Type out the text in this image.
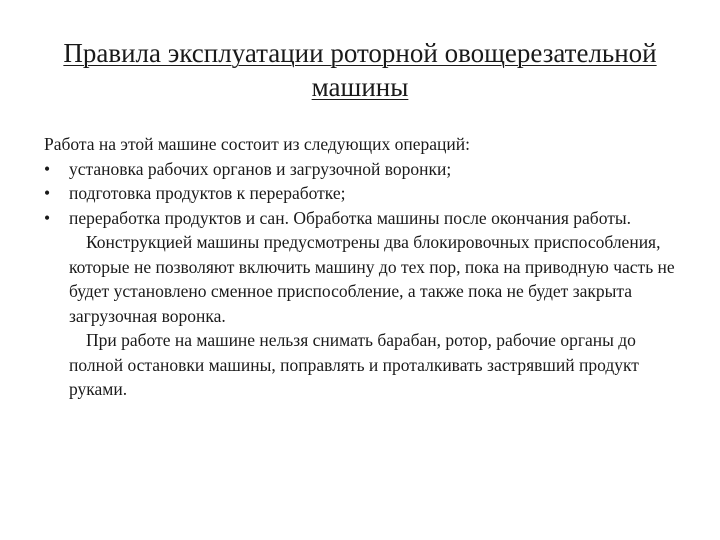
Правила эксплуатации роторной овощерезательной машины

Работа на этой машине состоит из следующих операций:

• установка рабочих органов и загрузочной воронки;
• подготовка продуктов к переработке;
• переработка продуктов и сан. Обработка машины после окончания работы.

Конструкцией машины предусмотрены два блокировочных приспособления, которые не позволяют включить машину до тех пор, пока на приводную часть не будет установлено сменное приспособление, а также пока не будет закрыта загрузочная воронка.

При работе на машине нельзя снимать барабан, ротор, рабочие органы до полной остановки машины, поправлять и проталкивать застрявший продукт руками.
